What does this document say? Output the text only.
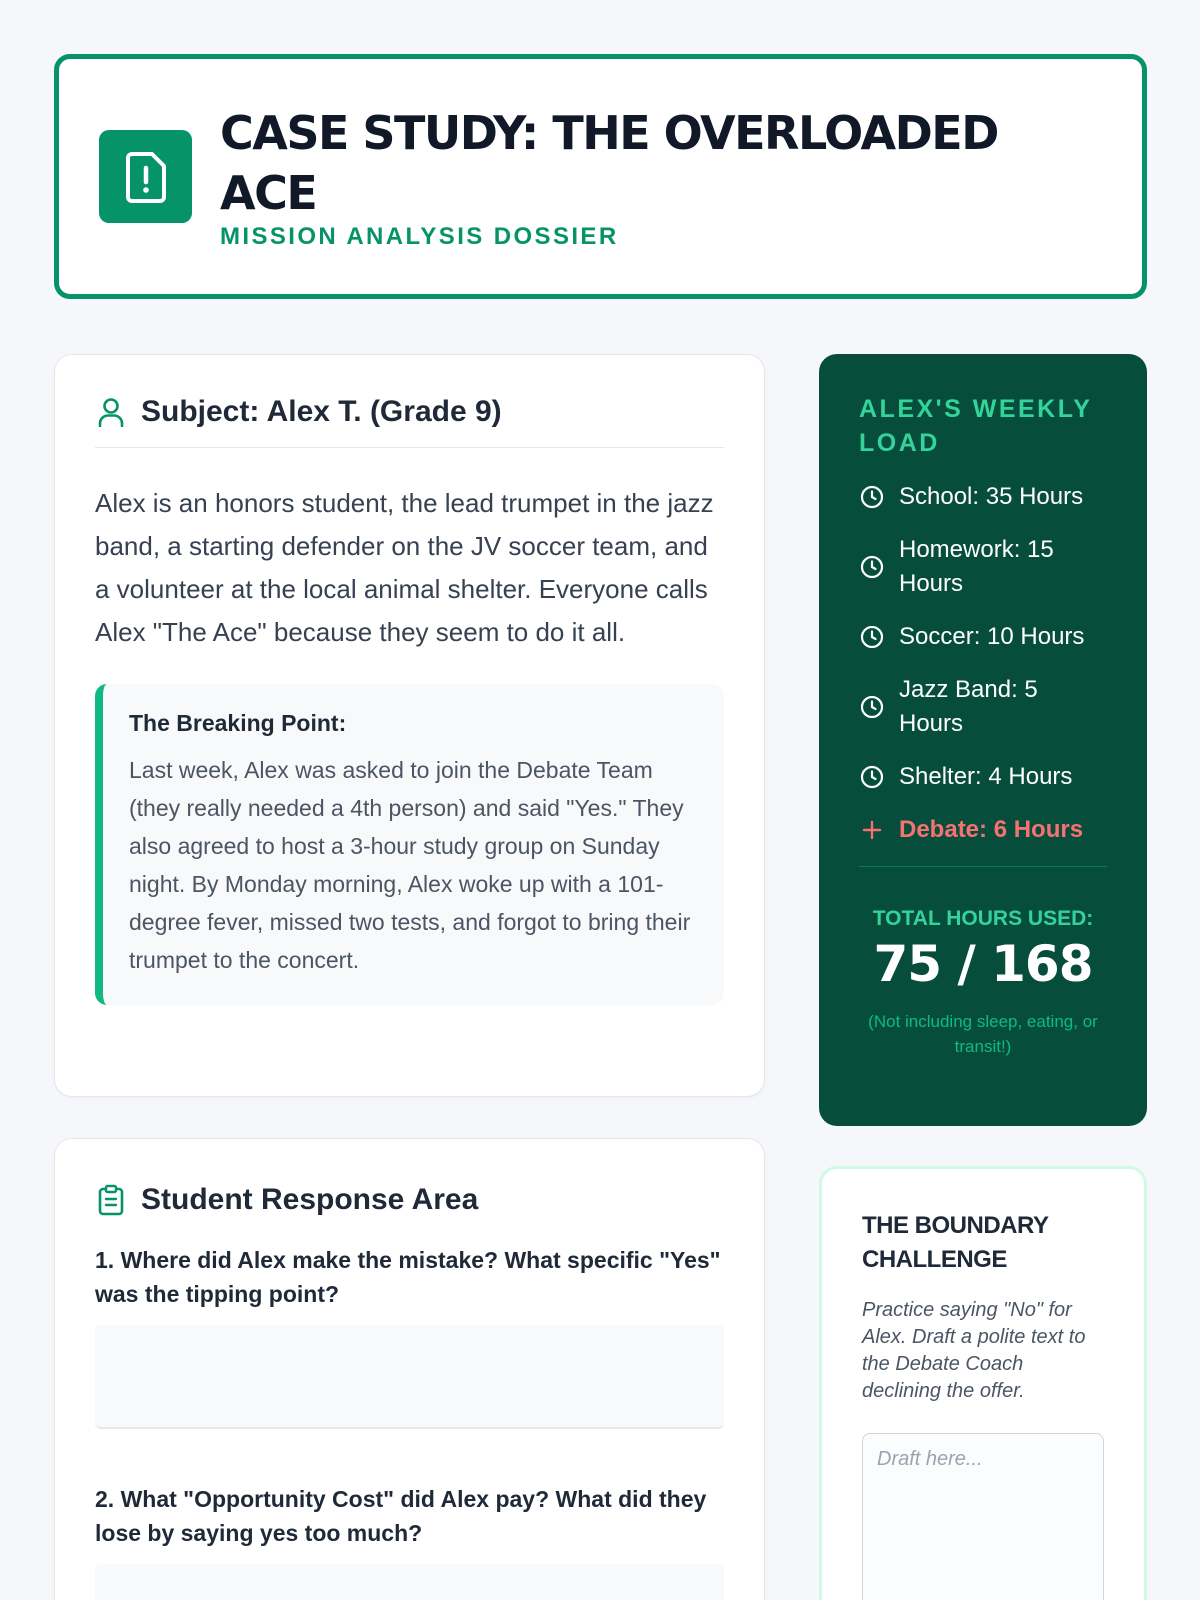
CASE STUDY: THE OVERLOADED ACE
MISSION ANALYSIS DOSSIER
Subject: Alex T. (Grade 9)

Alex is an honors student, the lead trumpet in the jazz band, a starting defender on the JV soccer team, and a volunteer at the local animal shelter. Everyone calls Alex "The Ace" because they seem to do it all.

The Breaking Point:

Last week, Alex was asked to join the Debate Team (they really needed a 4th person) and said "Yes." They also agreed to host a 3-hour study group on Sunday night. By Monday morning, Alex woke up with a 101-degree fever, missed two tests, and forgot to bring their trumpet to the concert.

Student Response Area
1. Where did Alex make the mistake? What specific "Yes" was the tipping point?
2. What "Opportunity Cost" did Alex pay? What did they lose by saying yes too much?
ALEX'S WEEKLY LOAD
School: 35 Hours
Homework: 15 Hours
Soccer: 10 Hours
Jazz Band: 5 Hours
Shelter: 4 Hours
Debate: 6 Hours
TOTAL HOURS USED:
75 / 168
(Not including sleep, eating, or transit!)
THE BOUNDARY CHALLENGE

Practice saying "No" for Alex. Draft a polite text to the Debate Coach declining the offer.

Draft here...
